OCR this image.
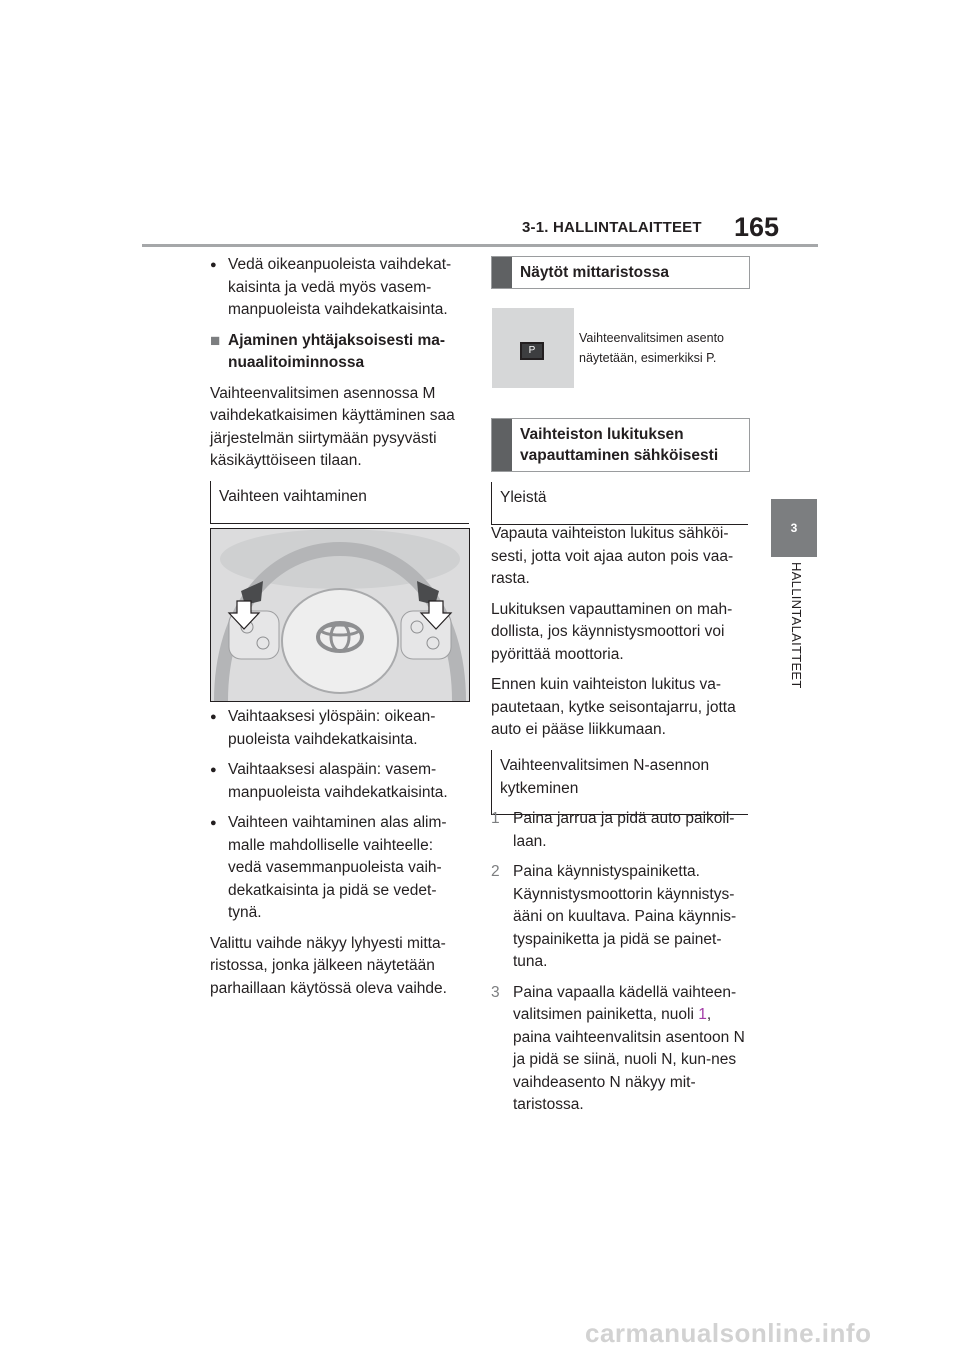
3-1. HALLINTALAITTEET 165
3
HALLINTALAITTEET
● Vedä oikeanpuoleista vaihdekat-kaisinta ja vedä myös vasem-manpuoleista vaihdekatkaisinta.
■ Ajaminen yhtäjaksoisesti ma-nuaalitoiminnossa
Vaihteenvalitsimen asennossa M vaihdekatkaisimen käyttäminen saa järjestelmän siirtymään pysyvästi käsikäyttöiseen tilaan.
Vaihteen vaihtaminen
● Vaihtaaksesi ylöspäin: oikean-puoleista vaihdekatkaisinta.
● Vaihtaaksesi alaspäin: vasem-manpuoleista vaihdekatkaisinta.
● Vaihteen vaihtaminen alas alim-malle mahdolliselle vaihteelle: vedä vasemmanpuoleista vaih-dekatkaisinta ja pidä se vedet-tynä.
Valittu vaihde näkyy lyhyesti mitta-ristossa, jonka jälkeen näytetään parhaillaan käytössä oleva vaihde.
Näytöt mittaristossa
P
Vaihteenvalitsimen asento näytetään, esimerkiksi P.
Vaihteiston lukituksen vapauttaminen sähköisesti
Yleistä
Vapauta vaihteiston lukitus sähköi-sesti, jotta voit ajaa auton pois vaa-rasta.
Lukituksen vapauttaminen on mah-dollista, jos käynnistysmoottori voi pyörittää moottoria.
Ennen kuin vaihteiston lukitus va-pautetaan, kytke seisontajarru, jotta auto ei pääse liikkumaan.
Vaihteenvalitsimen N-asennon kytkeminen
1 Paina jarrua ja pidä auto paikoil-laan.
2 Paina käynnistyspainiketta. Käynnistysmoottorin käynnistys-ääni on kuultava. Paina käynnis-tyspainiketta ja pidä se painet-tuna.
3 Paina vapaalla kädellä vaihteen-valitsimen painiketta, nuoli 1, paina vaihteenvalitsin asentoon N ja pidä se siinä, nuoli N, kun-nes vaihdeasento N näkyy mit-taristossa.
carmanualsonline.info
